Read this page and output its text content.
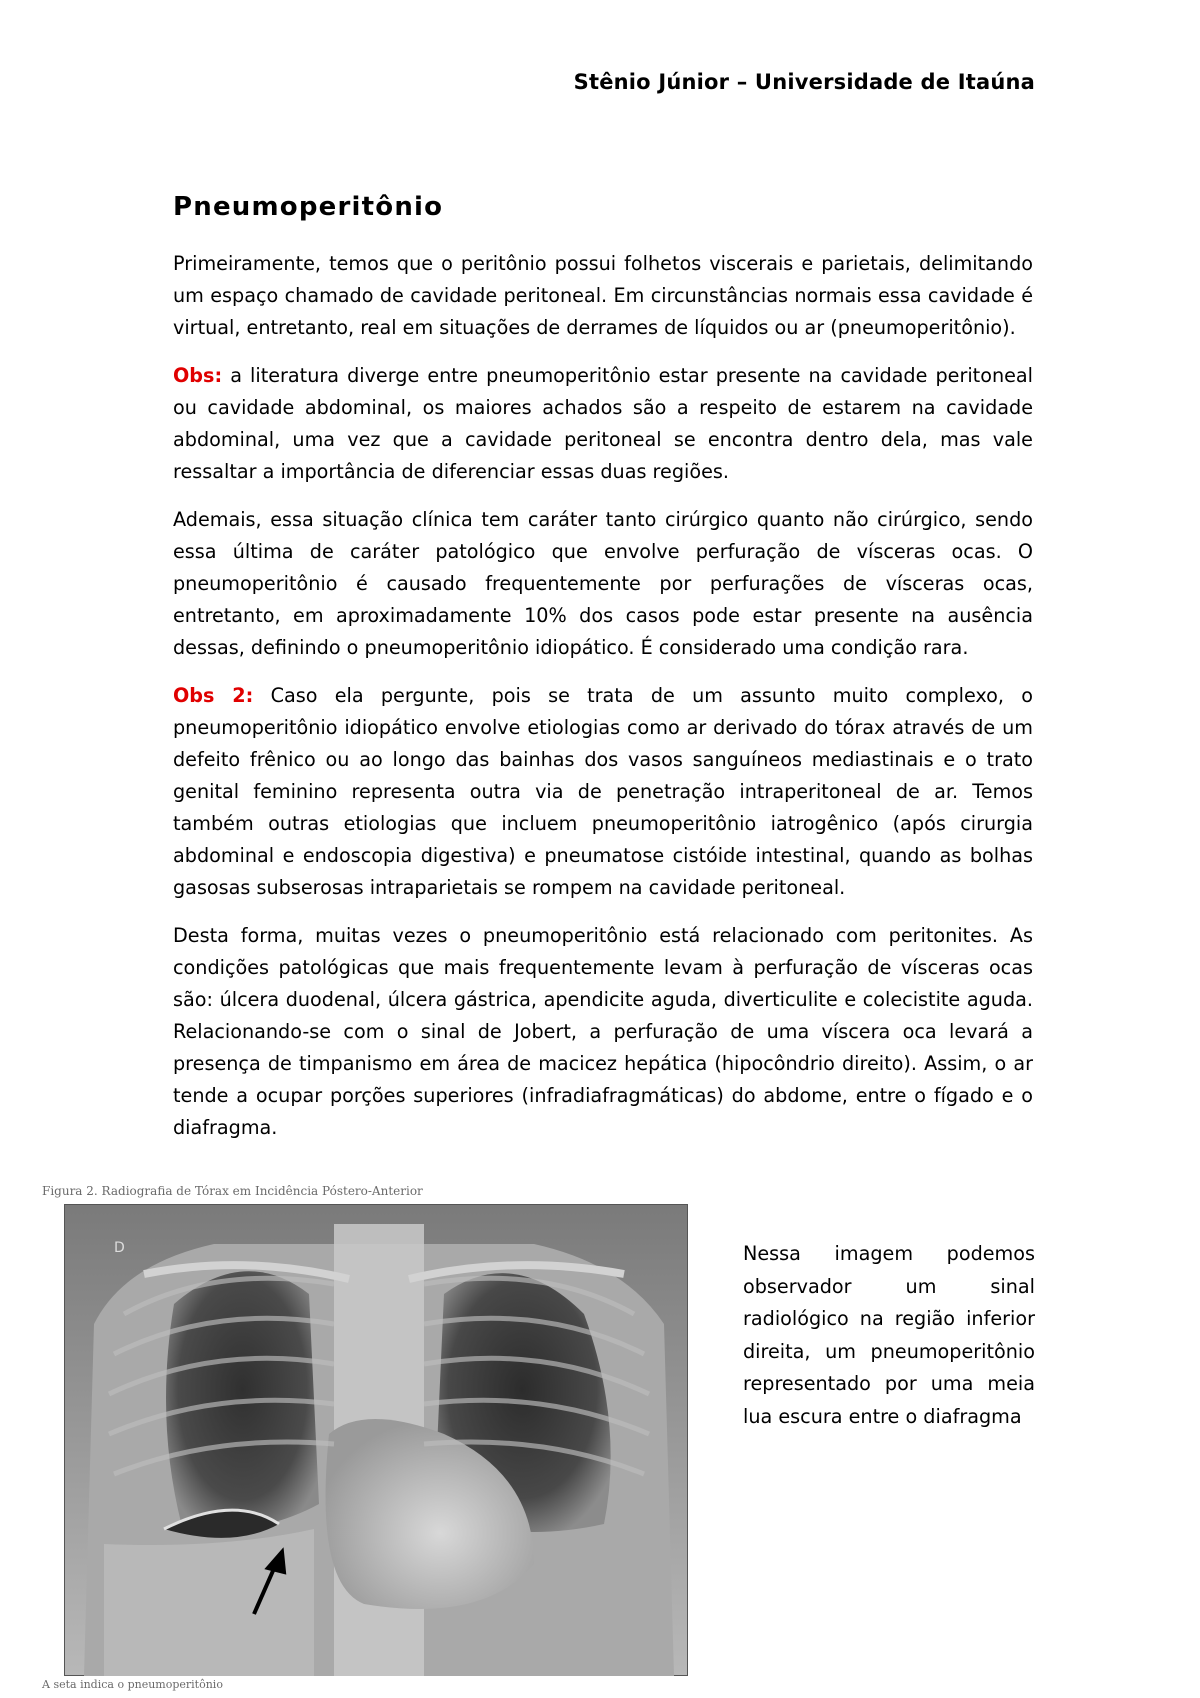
Stênio Júnior – Universidade de Itaúna
Pneumoperitônio

Primeiramente, temos que o peritônio possui folhetos viscerais e parietais, delimitando um espaço chamado de cavidade peritoneal. Em circunstâncias normais essa cavidade é virtual, entretanto, real em situações de derrames de líquidos ou ar (pneumoperitônio).

Obs: a literatura diverge entre pneumoperitônio estar presente na cavidade peritoneal ou cavidade abdominal, os maiores achados são a respeito de estarem na cavidade abdominal, uma vez que a cavidade peritoneal se encontra dentro dela, mas vale ressaltar a importância de diferenciar essas duas regiões.

Ademais, essa situação clínica tem caráter tanto cirúrgico quanto não cirúrgico, sendo essa última de caráter patológico que envolve perfuração de vísceras ocas. O pneumoperitônio é causado frequentemente por perfurações de vísceras ocas, entretanto, em aproximadamente 10% dos casos pode estar presente na ausência dessas, definindo o pneumoperitônio idiopático. É considerado uma condição rara.

Obs 2: Caso ela pergunte, pois se trata de um assunto muito complexo, o pneumoperitônio idiopático envolve etiologias como ar derivado do tórax através de um defeito frênico ou ao longo das bainhas dos vasos sanguíneos mediastinais e o trato genital feminino representa outra via de penetração intraperitoneal de ar. Temos também outras etiologias que incluem pneumoperitônio iatrogênico (após cirurgia abdominal e endoscopia digestiva) e pneumatose cistóide intestinal, quando as bolhas gasosas subserosas intraparietais se rompem na cavidade peritoneal.

Desta forma, muitas vezes o pneumoperitônio está relacionado com peritonites. As condições patológicas que mais frequentemente levam à perfuração de vísceras ocas são: úlcera duodenal, úlcera gástrica, apendicite aguda, diverticulite e colecistite aguda. Relacionando-se com o sinal de Jobert, a perfuração de uma víscera oca levará a presença de timpanismo em área de macicez hepática (hipocôndrio direito). Assim, o ar tende a ocupar porções superiores (infradiafragmáticas) do abdome, entre o fígado e o diafragma.

Figura 2. Radiografia de Tórax em Incidência Póstero-Anterior
D
A seta indica o pneumoperitônio
Nessa imagem podemos observador um sinal radiológico na região inferior direita, um pneumoperitônio representado por uma meia lua escura entre o diafragma
